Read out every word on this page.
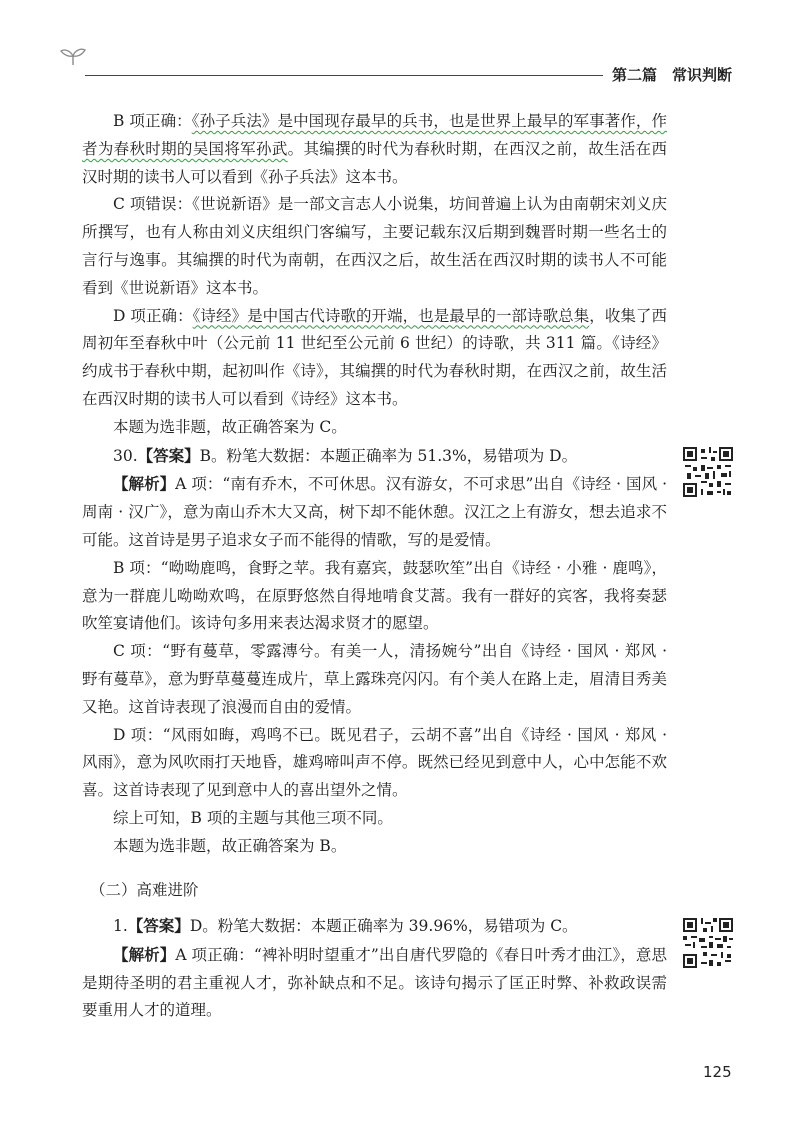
第二篇　常识判断

B 项正确：《孙子兵法》是中国现存最早的兵书，也是世界上最早的军事著作，作者为春秋时期的吴国将军孙武。其编撰的时代为春秋时期，在西汉之前，故生活在西汉时期的读书人可以看到《孙子兵法》这本书。

C 项错误：《世说新语》是一部文言志人小说集，坊间普遍上认为由南朝宋刘义庆所撰写，也有人称由刘义庆组织门客编写，主要记载东汉后期到魏晋时期一些名士的言行与逸事。其编撰的时代为南朝，在西汉之后，故生活在西汉时期的读书人不可能看到《世说新语》这本书。

D 项正确：《诗经》是中国古代诗歌的开端，也是最早的一部诗歌总集，收集了西周初年至春秋中叶（公元前 11 世纪至公元前 6 世纪）的诗歌，共 311 篇。《诗经》约成书于春秋中期，起初叫作《诗》，其编撰的时代为春秋时期，在西汉之前，故生活在西汉时期的读书人可以看到《诗经》这本书。

本题为选非题，故正确答案为 C。

30.【答案】B。粉笔大数据：本题正确率为 51.3%，易错项为 D。

【解析】A 项：“南有乔木，不可休思。汉有游女，不可求思”出自《诗经 · 国风 · 周南 · 汉广》，意为南山乔木大又高，树下却不能休憩。汉江之上有游女，想去追求不可能。这首诗是男子追求女子而不能得的情歌，写的是爱情。

B 项：“呦呦鹿鸣，食野之苹。我有嘉宾，鼓瑟吹笙”出自《诗经 · 小雅 · 鹿鸣》，意为一群鹿儿呦呦欢鸣，在原野悠然自得地啃食艾蒿。我有一群好的宾客，我将奏瑟吹笙宴请他们。该诗句多用来表达渴求贤才的愿望。

C 项：“野有蔓草，零露漙兮。有美一人，清扬婉兮”出自《诗经 · 国风 · 郑风 · 野有蔓草》，意为野草蔓蔓连成片，草上露珠亮闪闪。有个美人在路上走，眉清目秀美又艳。这首诗表现了浪漫而自由的爱情。

D 项：“风雨如晦，鸡鸣不已。既见君子，云胡不喜”出自《诗经 · 国风 · 郑风 · 风雨》，意为风吹雨打天地昏，雄鸡啼叫声不停。既然已经见到意中人，心中怎能不欢喜。这首诗表现了见到意中人的喜出望外之情。

综上可知，B 项的主题与其他三项不同。

本题为选非题，故正确答案为 B。

（二）高难进阶

1.【答案】D。粉笔大数据：本题正确率为 39.96%，易错项为 C。

【解析】A 项正确：“裨补明时望重才”出自唐代罗隐的《春日叶秀才曲江》，意思是期待圣明的君主重视人才，弥补缺点和不足。该诗句揭示了匡正时弊、补救政误需要重用人才的道理。

125
